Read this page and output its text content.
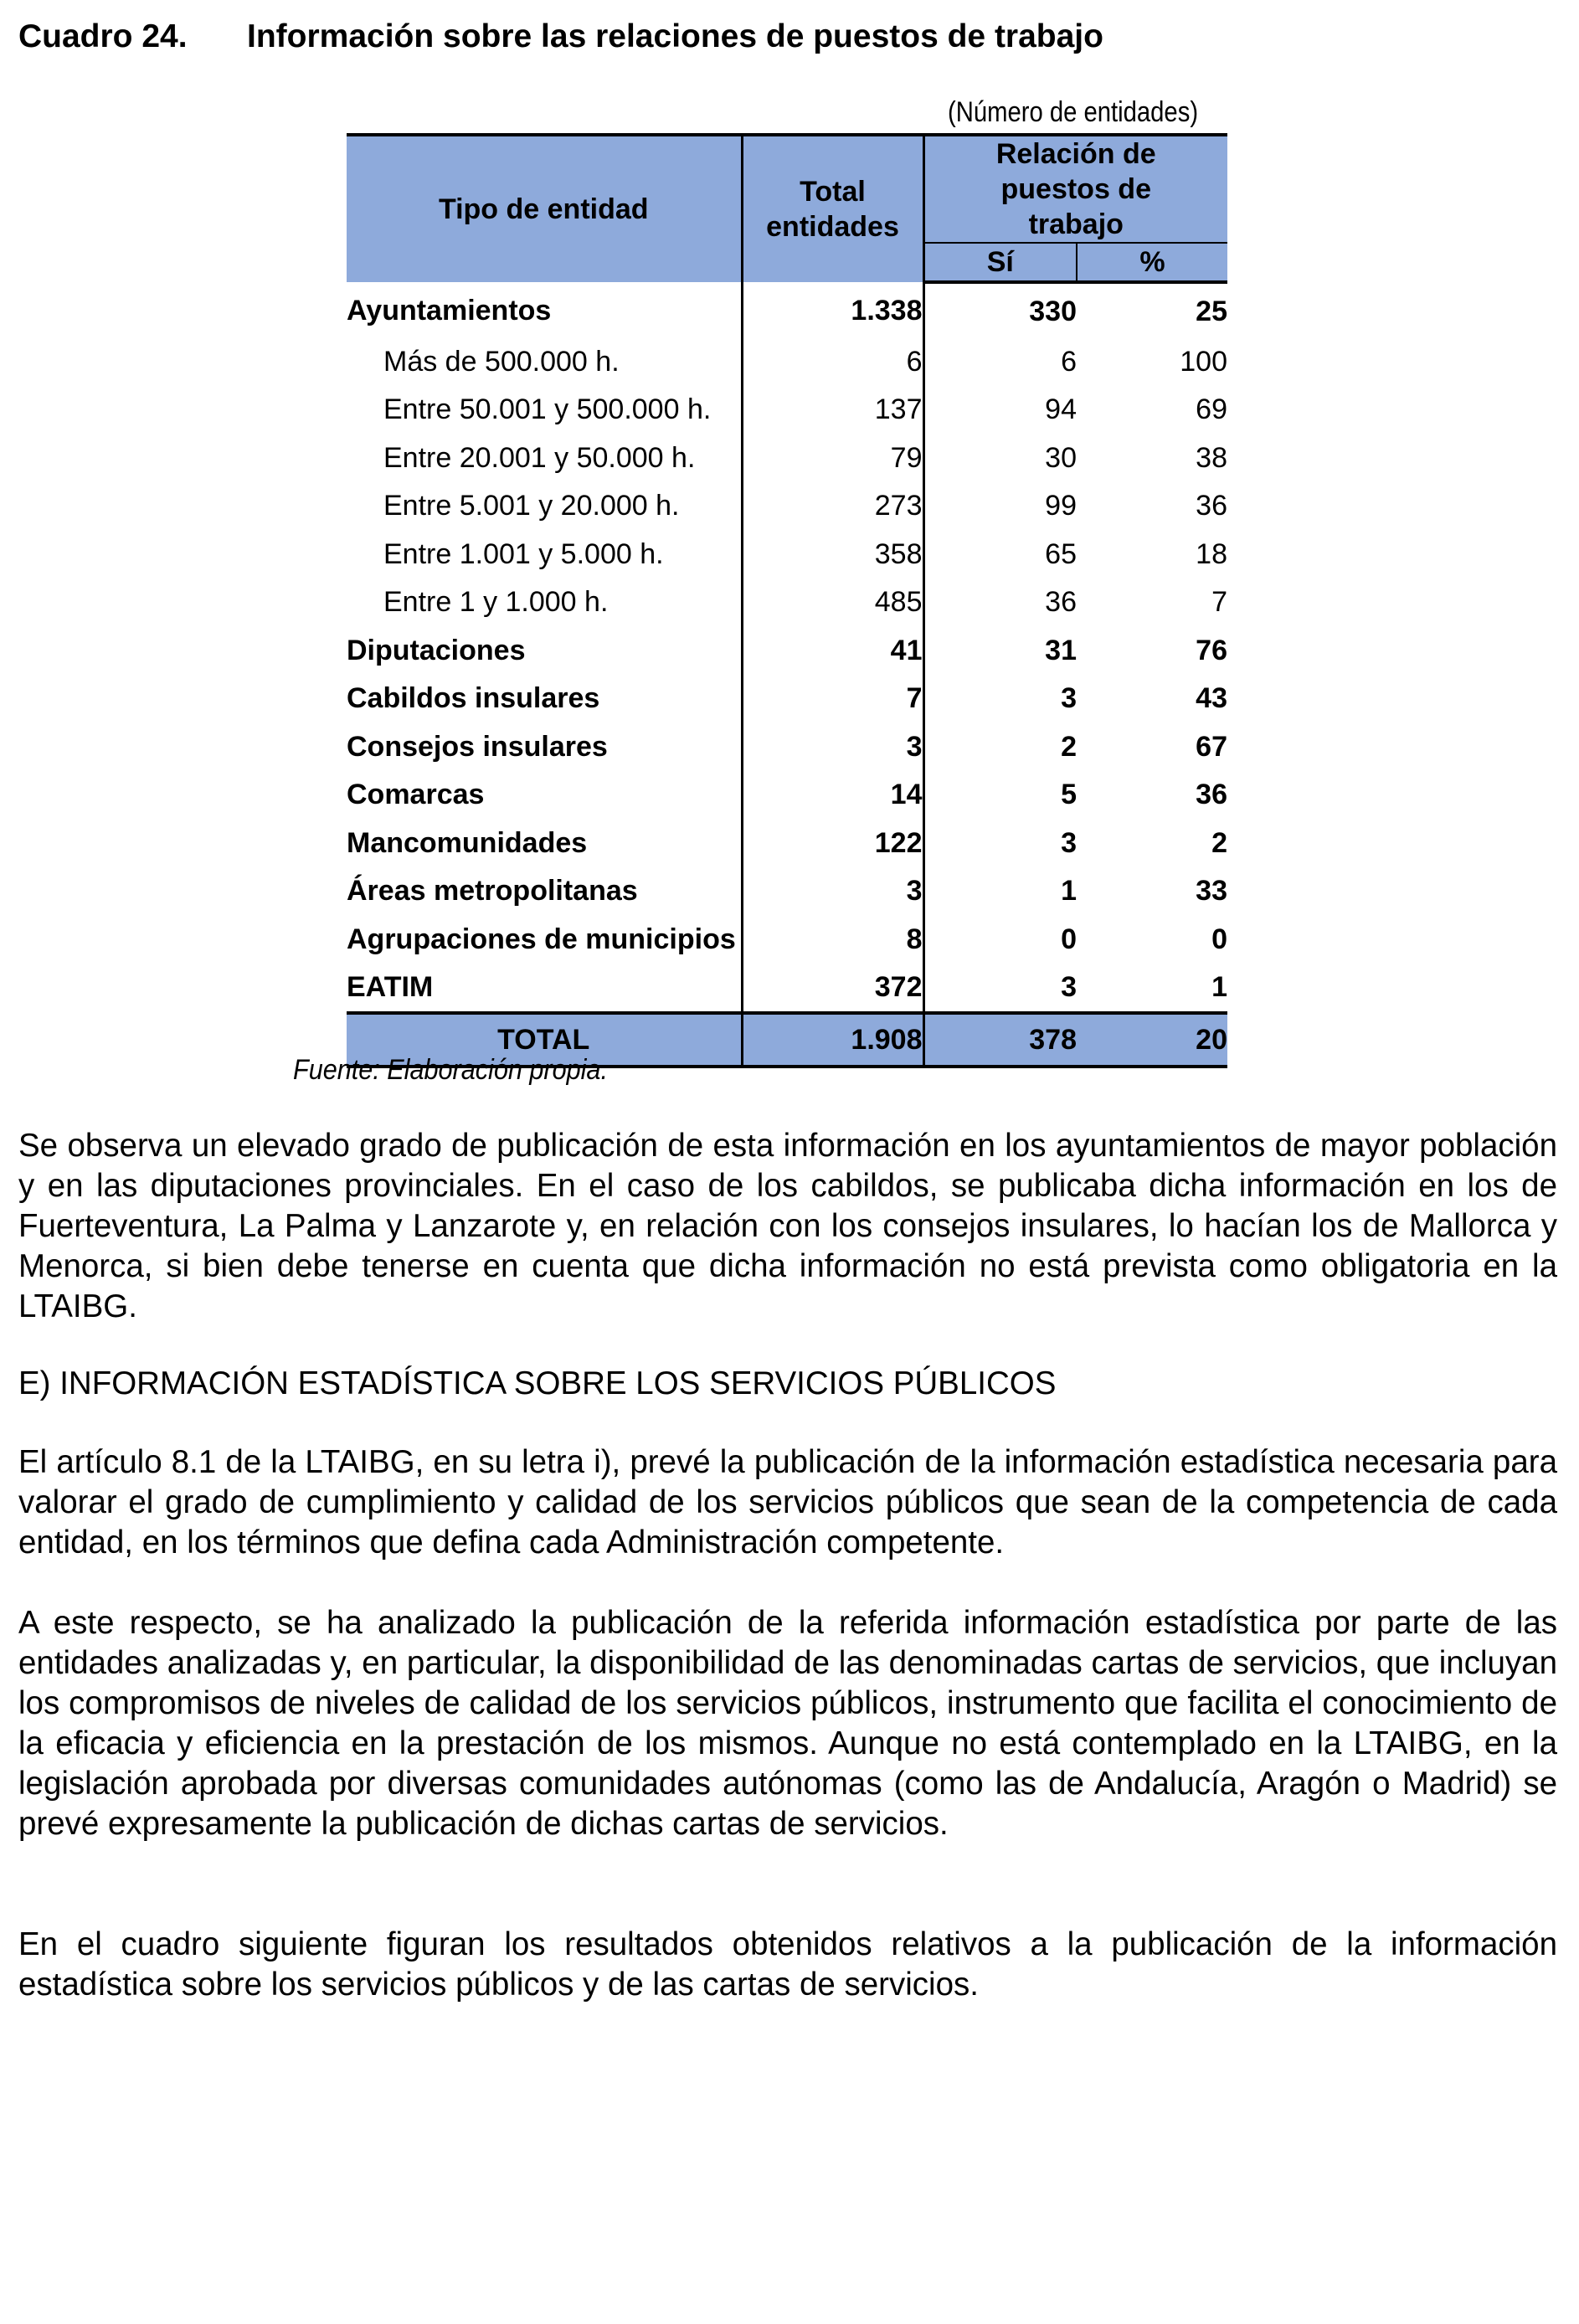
Cuadro 24. Información sobre las relaciones de puestos de trabajo
(Número de entidades)
Tipo de entidad	Total entidades	Relación de puestos de trabajo	
		Sí	%
Ayuntamientos	1.338	330	25
Más de 500.000 h.	6	6	100
Entre 50.001 y 500.000 h.	137	94	69
Entre 20.001 y 50.000 h.	79	30	38
Entre 5.001 y 20.000 h.	273	99	36
Entre 1.001 y 5.000 h.	358	65	18
Entre 1 y 1.000 h.	485	36	7
Diputaciones	41	31	76
Cabildos insulares	7	3	43
Consejos insulares	3	2	67
Comarcas	14	5	36
Mancomunidades	122	3	2
Áreas metropolitanas	3	1	33
Agrupaciones de municipios	8	0	0
EATIM	372	3	1
TOTAL	1.908	378	20
Fuente: Elaboración propia.

Se observa un elevado grado de publicación de esta información en los ayuntamientos de mayor población y en las diputaciones provinciales. En el caso de los cabildos, se publicaba dicha información en los de Fuerteventura, La Palma y Lanzarote y, en relación con los consejos insulares, lo hacían los de Mallorca y Menorca, si bien debe tenerse en cuenta que dicha información no está prevista como obligatoria en la LTAIBG.

E) INFORMACIÓN ESTADÍSTICA SOBRE LOS SERVICIOS PÚBLICOS

El artículo 8.1 de la LTAIBG, en su letra i), prevé la publicación de la información estadística necesaria para valorar el grado de cumplimiento y calidad de los servicios públicos que sean de la competencia de cada entidad, en los términos que defina cada Administración competente.

A este respecto, se ha analizado la publicación de la referida información estadística por parte de las entidades analizadas y, en particular, la disponibilidad de las denominadas cartas de servicios, que incluyan los compromisos de niveles de calidad de los servicios públicos, instrumento que facilita el conocimiento de la eficacia y eficiencia en la prestación de los mismos. Aunque no está contemplado en la LTAIBG, en la legislación aprobada por diversas comunidades autónomas (como las de Andalucía, Aragón o Madrid) se prevé expresamente la publicación de dichas cartas de servicios.

En el cuadro siguiente figuran los resultados obtenidos relativos a la publicación de la información estadística sobre los servicios públicos y de las cartas de servicios.
